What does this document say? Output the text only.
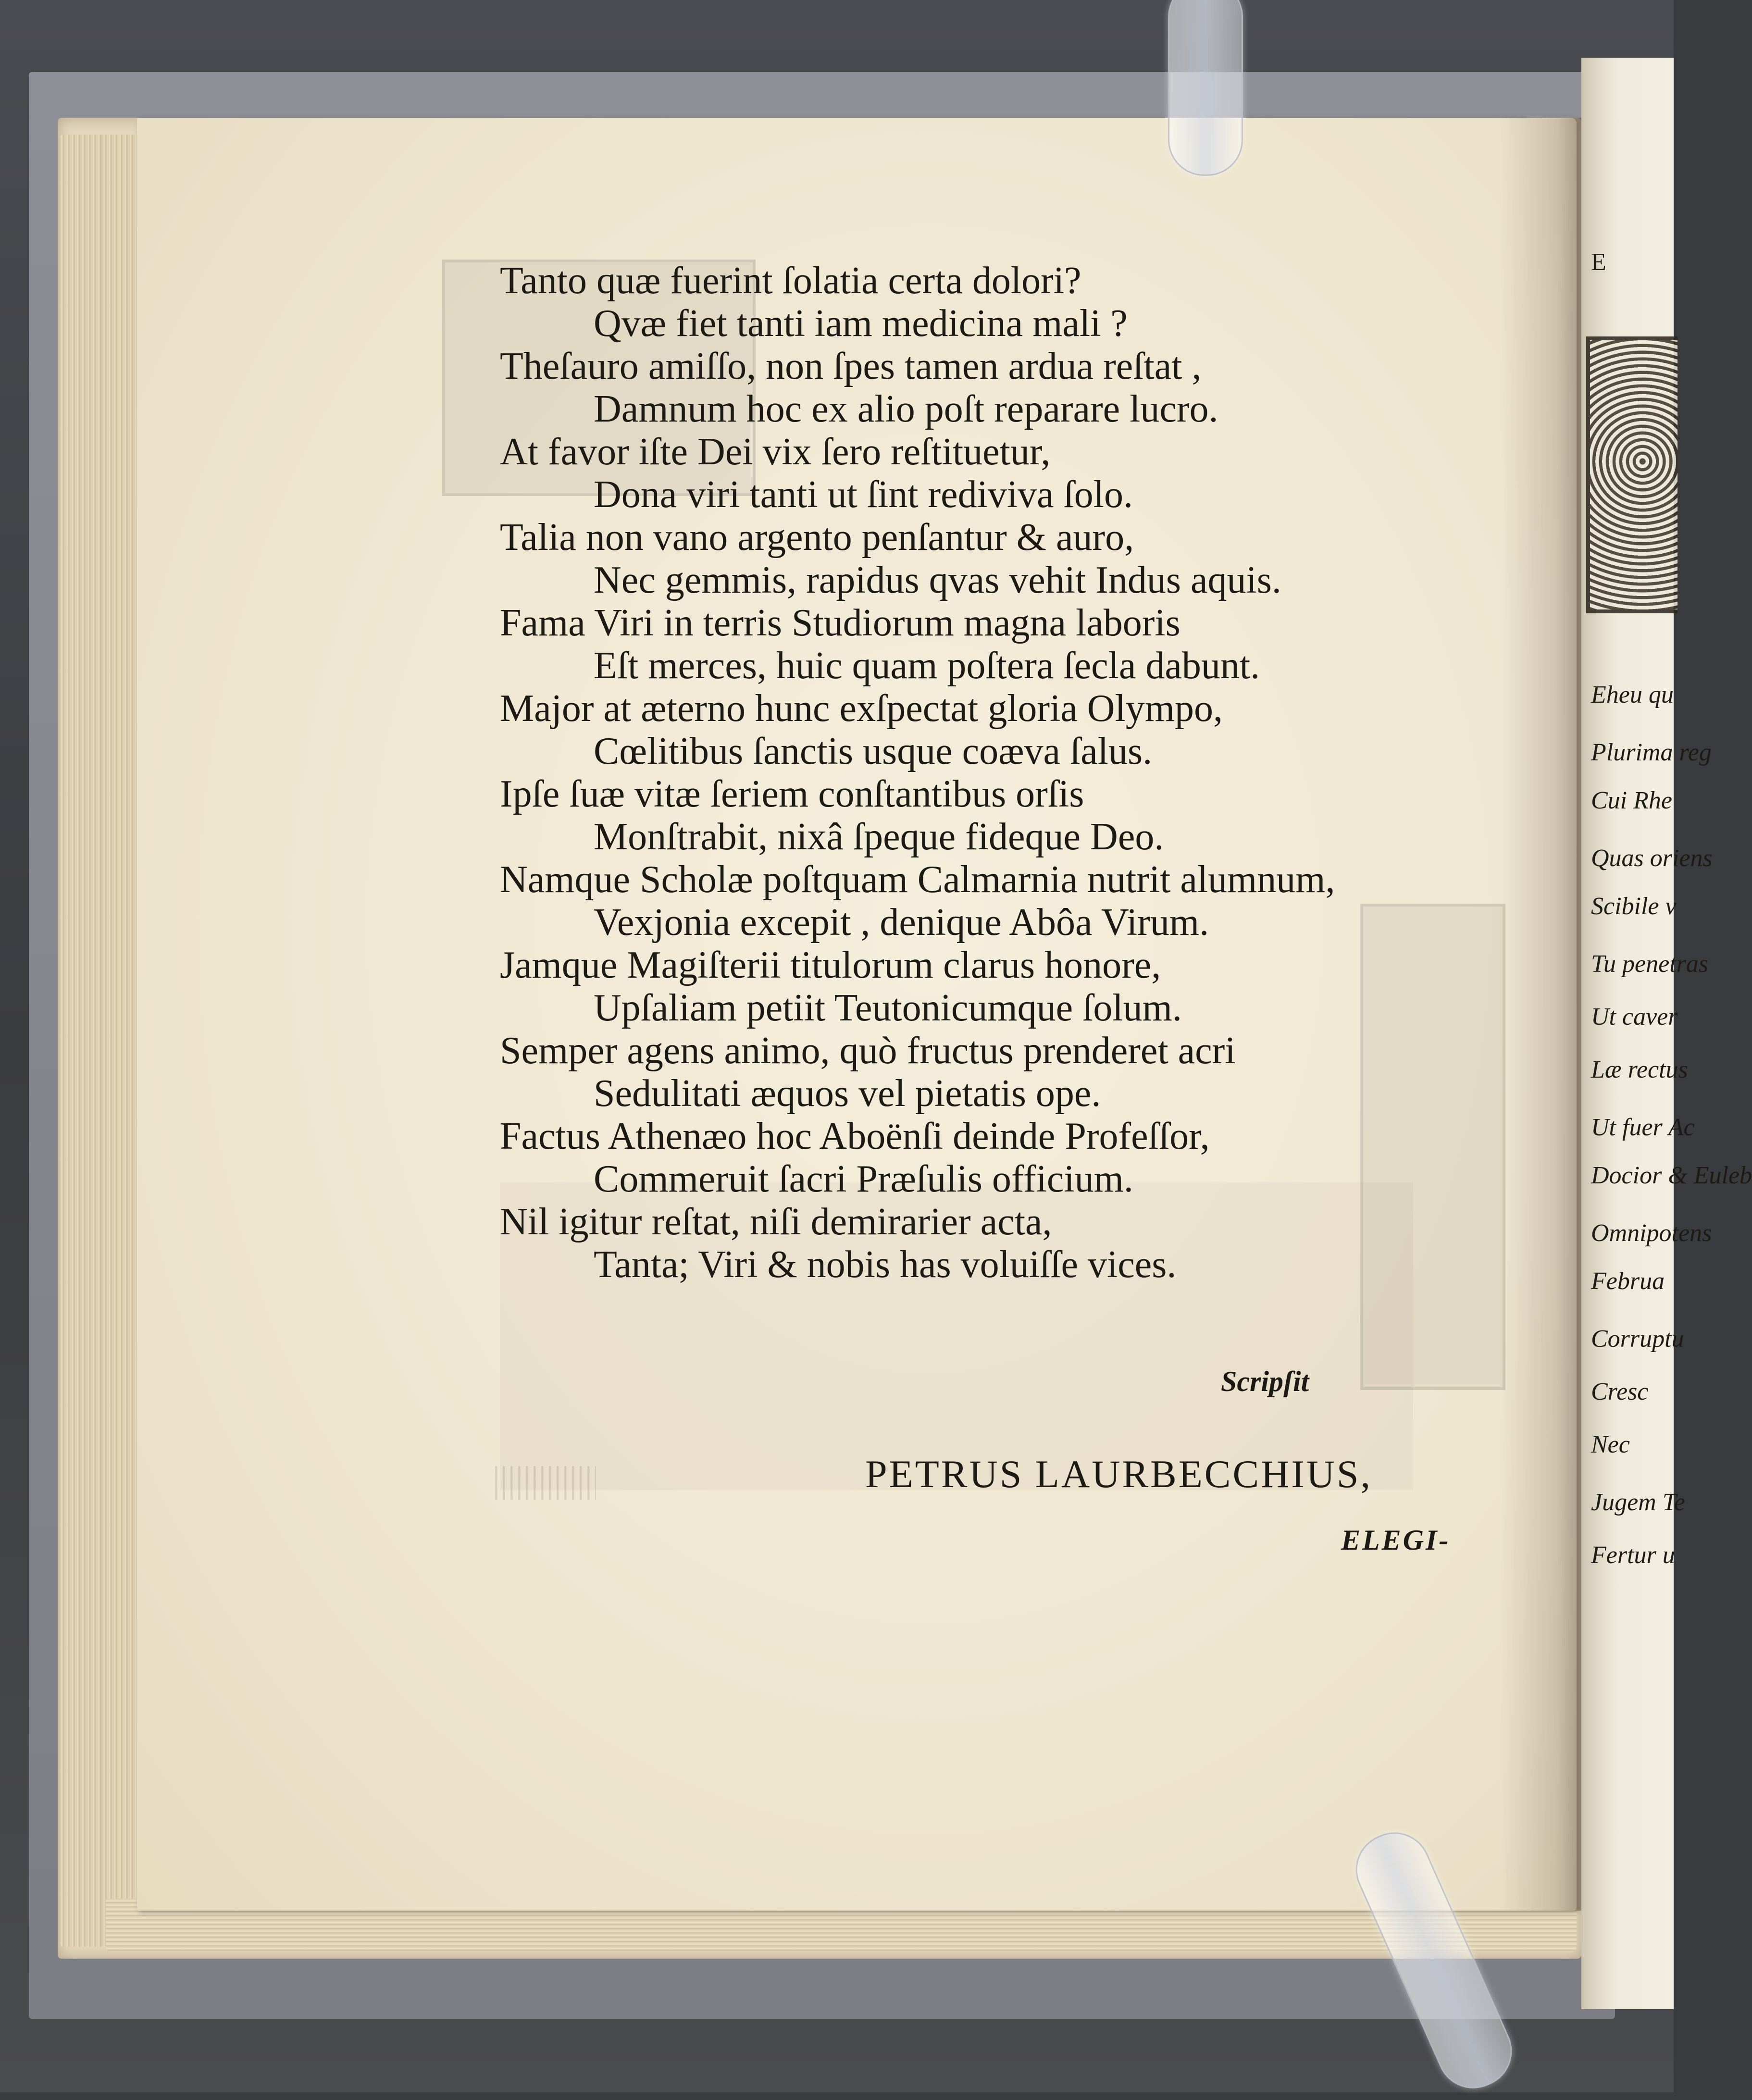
E
Eheu qu
Plurima reg
Cui Rhe
Quas oriens
Scibile v
Tu penetras
Ut caver
Læ rectus
Ut fuer Ac
Docior & Euleb
Omnipotens
Februa
Corruptu
Cresc
Nec
Jugem Te
Fertur u
Tanto quæ fuerint ſolatia certa dolori?
Qvæ fiet tanti iam medicina mali ?
Theſauro amiſſo, non ſpes tamen ardua reſtat ,
Damnum hoc ex alio poſt reparare lucro.
At favor iſte Dei vix ſero reſtituetur,
Dona viri tanti ut ſint rediviva ſolo.
Talia non vano argento penſantur & auro,
Nec gemmis, rapidus qvas vehit Indus aquis.
Fama Viri in terris Studiorum magna laboris
Eſt merces, huic quam poſtera ſecla dabunt.
Major at æterno hunc exſpectat gloria Olympo,
Cœlitibus ſanctis usque coæva ſalus.
Ipſe ſuæ vitæ ſeriem conſtantibus orſis
Monſtrabit, nixâ ſpeque fideque Deo.
Namque Scholæ poſtquam Calmarnia nutrit alumnum,
Vexjonia excepit , denique Abôa Virum.
Jamque Magiſterii titulorum clarus honore,
Upſaliam petiit Teutonicumque ſolum.
Semper agens animo, quò fructus prenderet acri
Sedulitati æquos vel pietatis ope.
Factus Athenæo hoc Aboënſi deinde Profeſſor,
Commeruit ſacri Præſulis officium.
Nil igitur reſtat, niſi demirarier acta,
Tanta; Viri & nobis has voluiſſe vices.
Scripſit
PETRUS LAURBECCHIUS,
ELEGI-
